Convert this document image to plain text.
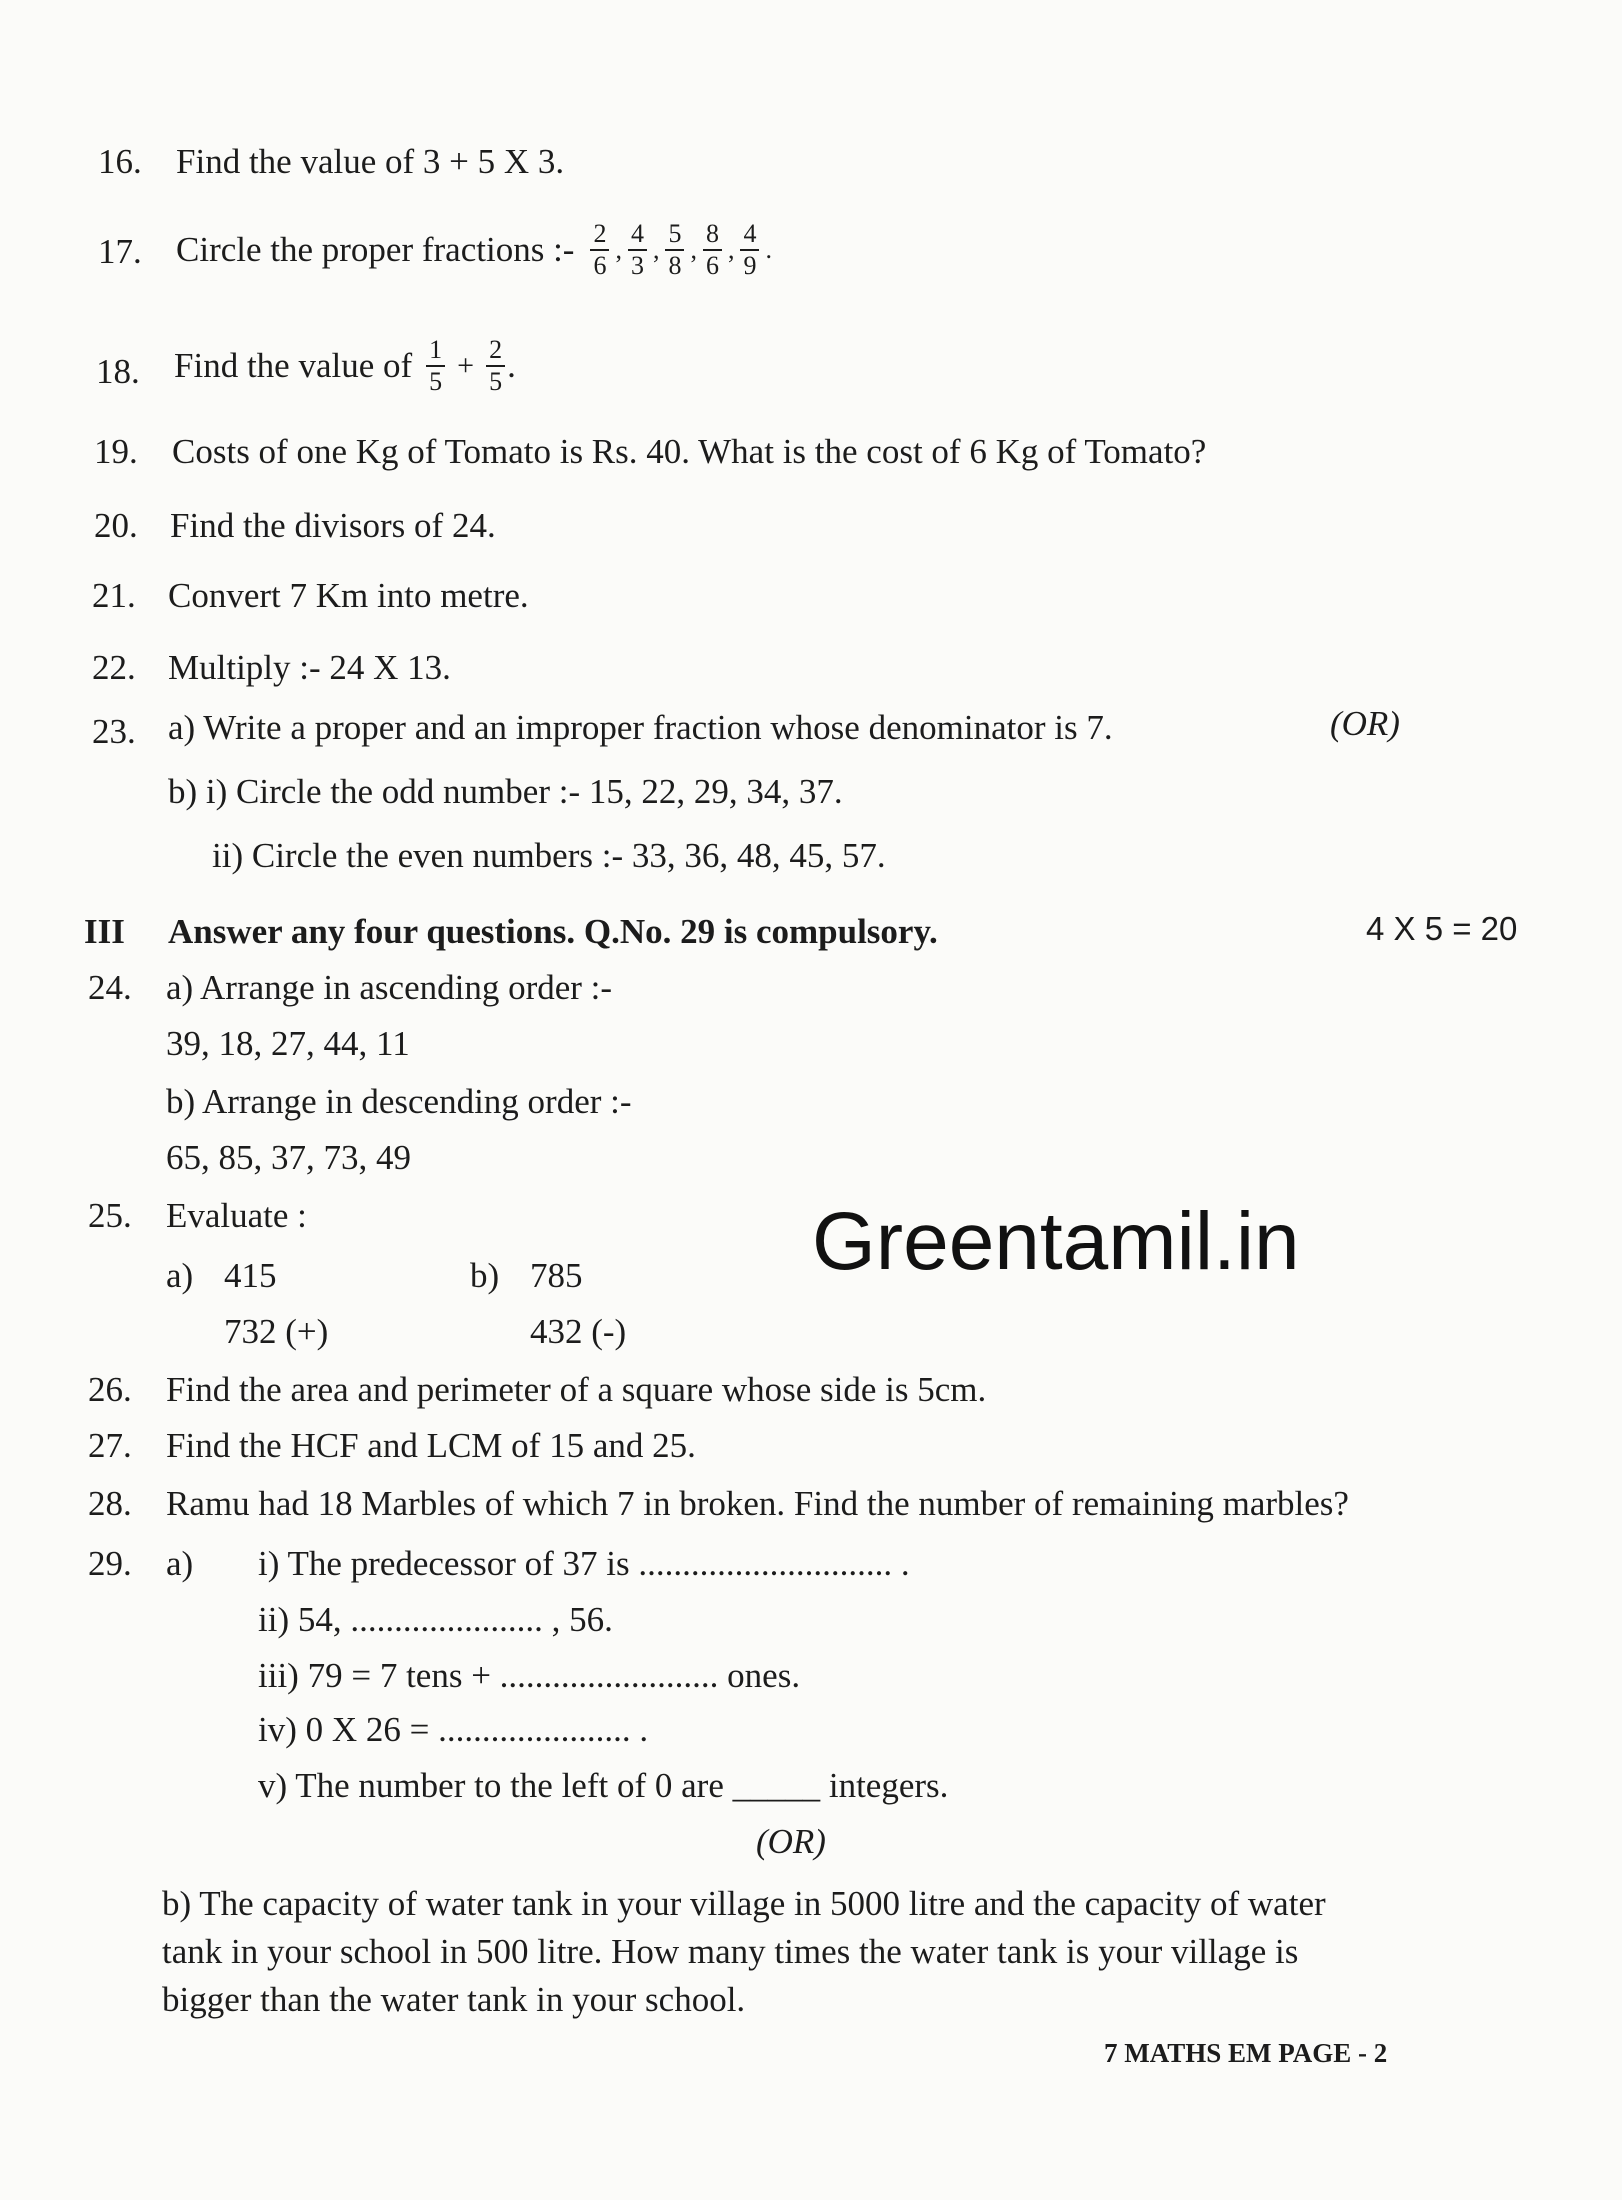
16. Find the value of 3 + 5 X 3.
17. Circle the proper fractions :- $\frac{2}{6}$ , $\frac{4}{3}$ , $\frac{5}{8}$ , $\frac{8}{6}$ , $\frac{4}{9}$ .
18. Find the value of $\frac{1}{5} + \frac{2}{5}$ .
19. Costs of one Kg of Tomato is Rs. 40. What is the cost of 6 Kg of Tomato?
20. Find the divisors of 24.
21. Convert 7 Km into metre.
22. Multiply :- 24 X 13.
23. a) Write a proper and an improper fraction whose denominator is 7.	(OR)
b) i) Circle the odd number :- 15, 22, 29, 34, 37.
ii) Circle the even numbers :- 33, 36, 48, 45, 57.
III Answer any four questions. Q.No. 29 is compulsory.	4 X 5 = 20
24. a) Arrange in ascending order :-
39, 18, 27, 44, 11
b) Arrange in descending order :-
65, 85, 37, 73, 49
25. Evaluate :
a) 415
732 (+)
b) 785
432 (-)
Greentamil.in
26. Find the area and perimeter of a square whose side is 5cm.
27. Find the HCF and LCM of 15 and 25.
28. Ramu had 18 Marbles of which 7 in broken. Find the number of remaining marbles?
29. a) i) The predecessor of 37 is ............................. .
ii) 54, ...................... , 56.
iii) 79 = 7 tens + ......................... ones.
iv) 0 X 26 = ...................... .
v) The number to the left of 0 are _____ integers.
(OR)
b) The capacity of water tank in your village in 5000 litre and the capacity of water
tank in your school in 500 litre. How many times the water tank is your village is
bigger than the water tank in your school.
7 MATHS EM PAGE - 2
